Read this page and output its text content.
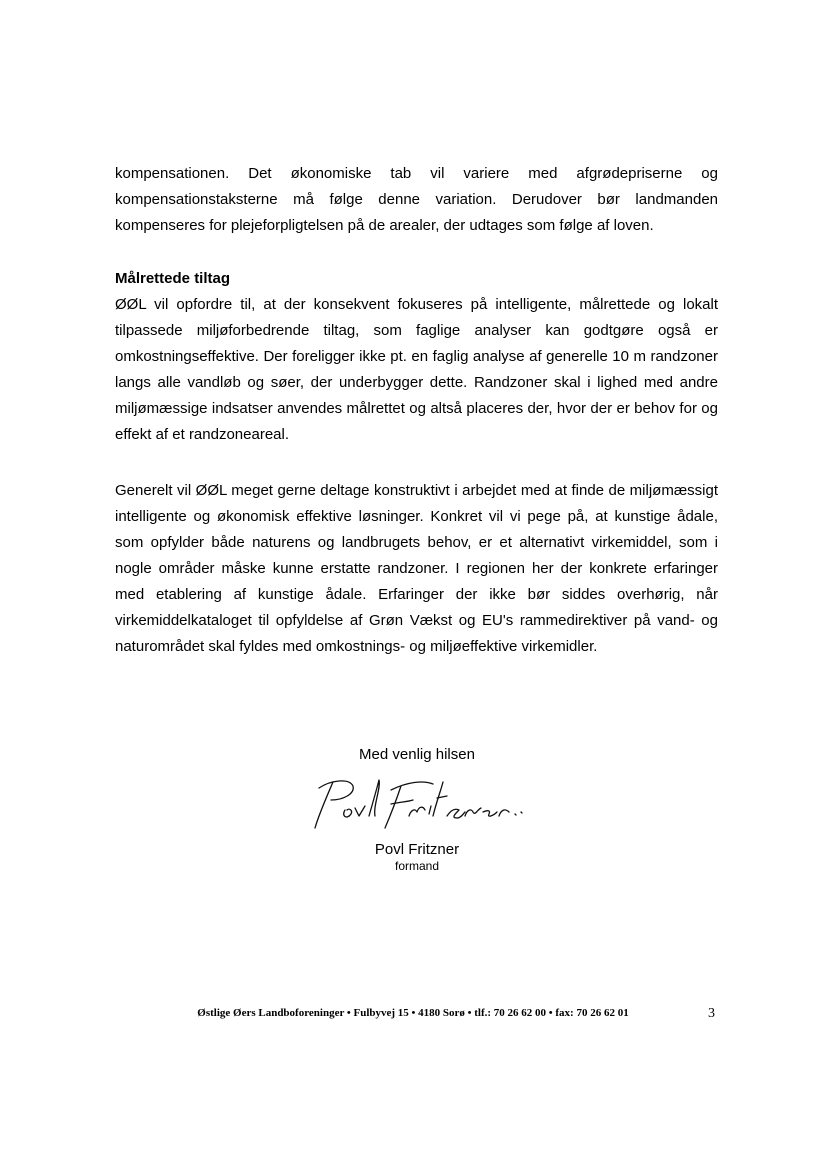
kompensationen. Det økonomiske tab vil variere med afgrødepriserne og kompensationstaksterne må følge denne variation. Derudover bør landmanden kompenseres for plejeforpligtelsen på de arealer, der udtages som følge af loven.

Målrettede tiltag

ØØL vil opfordre til, at der konsekvent fokuseres på intelligente, målrettede og lokalt tilpassede miljøforbedrende tiltag, som faglige analyser kan godtgøre også er omkostningseffektive. Der foreligger ikke pt. en faglig analyse af generelle 10 m randzoner langs alle vandløb og søer, der underbygger dette. Randzoner skal i lighed med andre miljømæssige indsatser anvendes målrettet og altså placeres der, hvor der er behov for og effekt af et randzoneareal.

Generelt vil ØØL meget gerne deltage konstruktivt i arbejdet med at finde de miljømæssigt intelligente og økonomisk effektive løsninger. Konkret vil vi pege på, at kunstige ådale, som opfylder både naturens og landbrugets behov, er et alternativt virkemiddel, som i nogle områder måske kunne erstatte randzoner. I regionen her der konkrete erfaringer med etablering af kunstige ådale. Erfaringer der ikke bør siddes overhørig, når virkemiddelkataloget til opfyldelse af Grøn Vækst og EU's rammedirektiver på vand- og naturområdet skal fyldes med omkostnings- og miljøeffektive virkemidler.

Med venlig hilsen

Povl Fritzner

formand

Østlige Øers Landboforeninger • Fulbyvej 15 • 4180 Sorø • tlf.: 70 26 62 00 • fax: 70 26 62 01	3
